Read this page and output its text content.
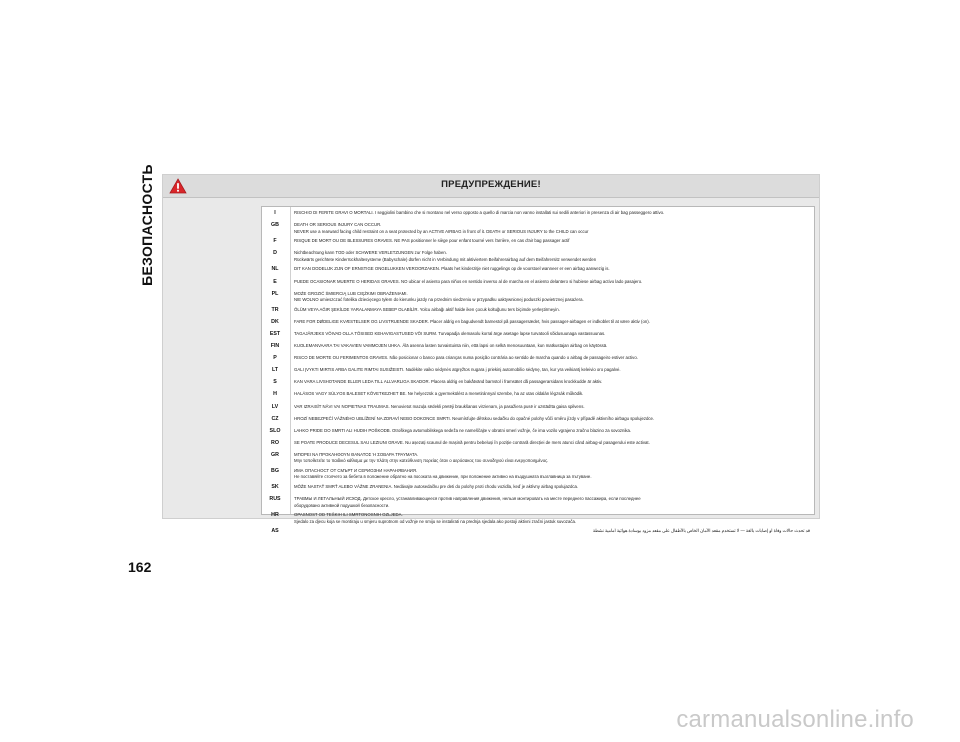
БЕЗОПАСНОСТЬ	ПРЕДУПРЕЖДЕНИЕ!
I	RISCHIO DI FERITE GRAVI O MORTALI. I seggiolini bambino che si montano nel verso opposto a quello di marcia non vanno installati sui sedili anteriori in presenza di air bag passeggero attivo.
GB	DEATH OR SERIOUS INJURY CAN OCCUR.
NEVER use a rearward facing child restraint on a seat protected by an ACTIVE AIRBAG in front of it. DEATH or SERIOUS INJURY to the CHILD can occur
F	RISQUE DE MORT OU DE BLESSURES GRAVES. NE PAS positionner le siège pour enfant tourné vers l'arrière, en cas d'air bag passager actif
D	Nichtbeachtung kann TOD oder SCHWERE VERLETZUNGEN zur Folge haben.
Rückwärts gerichtete Kinderrückhaltesysteme (Babyschale) dürfen nicht in Verbindung mit aktiviertem Beifahrerairbag auf dem Beifahrersitz verwendet werden
NL	DIT KAN DODELIJK ZIJN OF ERNSTIGE ONGELUKKEN VEROORZAKEN. Plaats het kinderzitje niet ruggelings op de voorstoel wanneer er een airbag aanwezig is.
E	PUEDE OCASIONAR MUERTE O HERIDAS GRAVES. NO ubicar el asiento para niños en sentido inverso al de marcha en el asiento delantero si hubiese airbag activo lado pasajero.
PL	MOŻE GROZIĆ ŚMIERCIĄ LUB CIĘŻKIMI OBRAŻENIAMI.
NIE WOLNO umieszczać fotelika dziecięcego tyłem do kierunku jazdy na przednim siedzeniu w przypadku uaktywnionej poduszki powietrznej pasażera.
TR	ÖLÜM VEYA AĞIR ŞEKİLDE YARALANMAYA SEBEP OLABİLİR. Yolcu airbağı aktif halde iken çocuk koltuğunu ters biçimde yerleştirmeyin.
DK	FARE FOR DØDELIGE KVÆSTELSER OG LIVSTRUENDE SKADER. Placer aldrig en bagudvendt barnestol på passagersædet, hvis passager-airbagen er indkoblet til at være aktiv (on).
EST	TAGAJÄRJEKS VÕIVAD OLLA TÕSISED KEHAVIGASTUSED VÕI SURM. Turvapadja olemasolu korral ärge asetage lapse turvatooli sõidusuunaga vastassuunas.
FIN	KUOLEMANVAARA TAI VAKAVIEN VAMMOJEN UHKA. Älä asenna lasten turvaistuinta niin, että lapsi on selkä menosuuntaan, kun matkustajan airbag on käytössä.
P	RISCO DE MORTE OU FERIMENTOS GRAVES. Não posicionar o banco para crianças numa posição contrária ao sentido de marcha quando o airbag de passageiro estiver activo.
LT	GALI ĮVYKTI MIRTIS ARBA GALITE RIMTAI SUSIŽEISTI. Nadėkite vaiko sėdynės atgręžtos nugara į priekinį automobilio sėdynę, tan, kur yra veikiantį keleivio oro pagalvė.
S	KAN VARA LIVSHOTANDE ELLER LEDA TILL ALLVARLIGA SKADOR. Placera aldrig en bakåtvänd barnstol i framsätet då passagerarsidans krockkudde är aktiv.
H	HALÁSOS VAGY SÚLYOS BALESET KÖVETKEZHET BE. Ne helyezzük a gyermekülést a menetiránnyal szembe, ha az utas oldalán légzsák működik.
LV	VAR IZRAISĪT NĀVI VAI NOPIETNAS TRAUMAS. Nenovietot mazuļa sēdekli pretēji braukšanas virzienam, ja pasažiera pusē ir uzstādīta gaisa spilvens.
CZ	HROZÍ NEBEZPEČÍ VÁŽNÉHO UBLÍŽENÍ NA ZDRAVÍ NEBO DOKONCE SMRTI. Neumísťujte dětskou sedačku do opačné polohy vůči směru jízdy v případě aktivního airbagu spolujezdce.
SLO	LAHKO PRIDE DO SMRTI ALI HUDIH POŠKODB. Otroškega avtomobilskega sedeža ne nameščajte v obratni smeri vožnje, če ima vozilo vgrajeno zračno blazino za sovoznika.
RO	SE POATE PRODUCE DECESUL SAU LEZIUNI GRAVE. Nu așezați scaunul de mașină pentru bebeluși în poziție contrară direcției de mers atunci când airbag-ul pasagerului este activat.
GR	ΜΠΟΡΕΙ ΝΑ ΠΡΟΚΛΗΘΟΥΝ ΘΑΝΑΤΟΣ Ή ΣΟΒΑΡΑ ΤΡΑΥΜΑΤΑ.
Μην τοποθετείτε το παιδικό κάθισμα με την πλάτη στην κατεύθυνση πορείας όταν ο αερόσακος του συνοδηγού είναι ενεργοποιημένος.
BG	ИМА ОПАСНОСТ ОТ СМЪРТ И СЕРИОЗНИ НАРАНЯВАНИЯ.
Не поставяйте столчето за бебета в положение обратно на посоката на движение, при положение активно на въздушната възглавница за пътуване.
SK	MÔŽE NASTAŤ SMRŤ ALEBO VÁŽNE ZRANENIA. Nedávajte autosedačku pre deti do polohy proti chodu vozidla, keď je aktívny airbag spolujazdca.
RUS	ТРАВМЫ И ЛЕТАЛЬНЫЙ ИСХОД. Детское кресло, устанавливающееся против направления движения, нельзя монтировать на месте переднего пассажира, если последнее
оборудовано активной подушкой безопасности.
HR	OPASNOST OD TEŠKIH ILI SMRTONOSNIH OZLJEDA.
Sjedalo za djecu koja se montiraju u smjeru suprotnom od vožnje ne smiju se instalirati na prednja sjedala ako postoji aktivni zračni jastuk suvozača.
AS	قد تحدث حالات وفاة أو إصابات بالغة — لا تستخدم مقعد الأمان الخاص بالأطفال على مقعد مزود بوسادة هوائية أمامية نشطة
162
carmanualsonline.info
